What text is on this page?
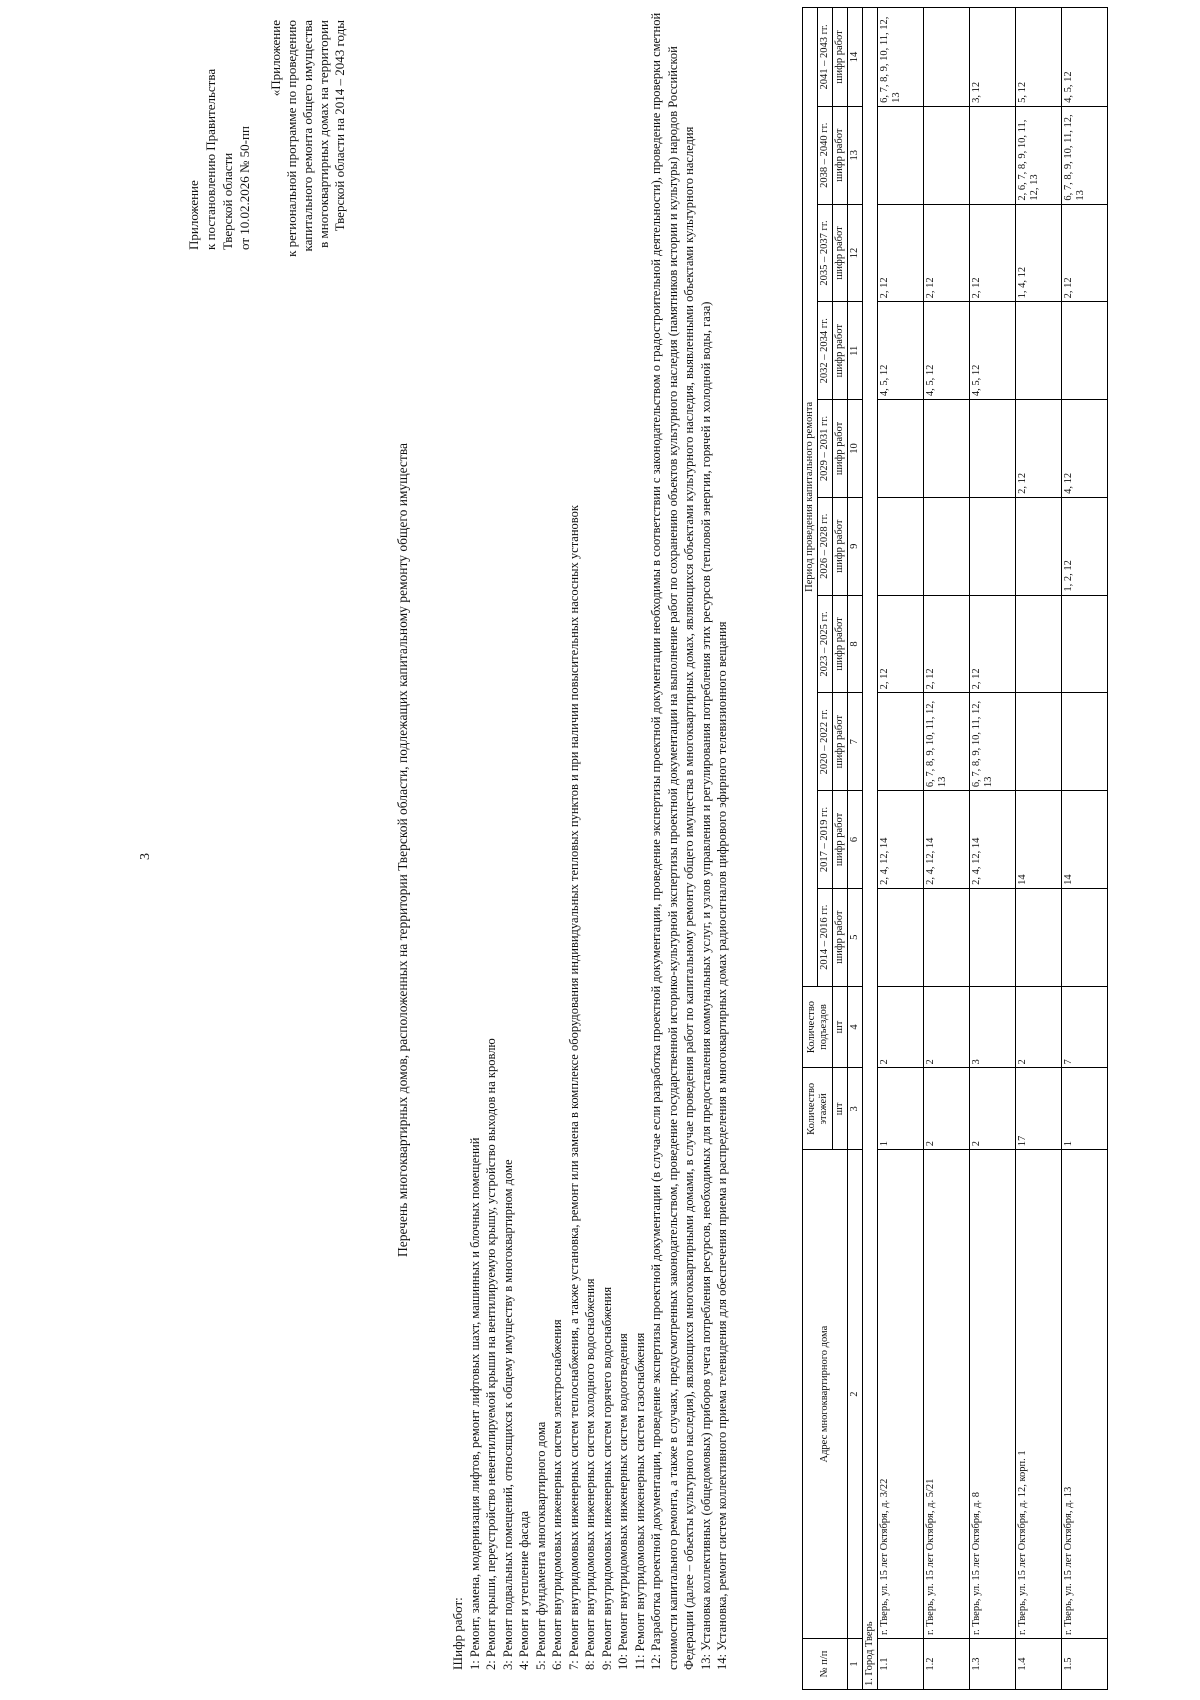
3
Приложение к постановлению Правительства Тверской области от 10.02.2026 № 50-пп
«Приложение к региональной программе по проведению капитального ремонта общего имущества в многоквартирных домах на территории Тверской области на 2014 – 2043 годы
Перечень многоквартирных домов, расположенных на территории Тверской области, подлежащих капитальному ремонту общего имущества
Шифр работ: 1: Ремонт, замена, модернизация лифтов, ремонт лифтовых шахт, машинных и блочных помещений 2: Ремонт крыши, переустройство невентилируемой крыши на вентилируемую крышу, устройство выходов на кровлю 3: Ремонт подвальных помещений, относящихся к общему имуществу в многоквартирном доме 4: Ремонт и утепление фасада 5: Ремонт фундамента многоквартирного дома 6: Ремонт внутридомовых инженерных систем электроснабжения 7: Ремонт внутридомовых инженерных систем теплоснабжения, а также установка, ремонт или замена в комплексе оборудования индивидуальных тепловых пунктов и при наличии повысительных насосных установок 8: Ремонт внутридомовых инженерных систем холодного водоснабжения 9: Ремонт внутридомовых инженерных систем горячего водоснабжения 10: Ремонт внутридомовых инженерных систем водоотведения 11: Ремонт внутридомовых инженерных систем газоснабжения 12: Разработка проектной документации, проведение экспертизы проектной документации (в случае если разработка проектной документации, проведение экспертизы проектной документации необходимы в соответствии с законодательством о градостроительной деятельности), проведение проверки сметной стоимости капитального ремонта, а также в случаях, предусмотренных законодательством, проведение государственной историко-культурной экспертизы проектной документации на выполнение работ по сохранению объектов культурного наследия (памятников истории и культуры) народов Российской Федерации (далее – объекты культурного наследия), являющихся многоквартирными домами, в случае проведения работ по капитальному ремонту общего имущества в многоквартирных домах, являющихся объектами культурного наследия, выявленными объектами культурного наследия 13: Установка коллективных (общедомовых) приборов учета потребления ресурсов, необходимых для предоставления коммунальных услуг, и узлов управления и регулирования потребления этих ресурсов (тепловой энергии, горячей и холодной воды, газа) 14: Установка, ремонт систем коллективного приема телевидения для обеспечения приема и распределения в многоквартирных домах радиосигналов цифрового эфирного телевизионного вещания	№ п/п	Адрес многоквартирного дома	Количество этажей	Количество подъездов	Период проведения капитального ремонта									
				2014 – 2016 гг.	2017 – 2019 гг.	2020 – 2022 гг.	2023 – 2025 гг.	2026 – 2028 гг.	2029 – 2031 гг.	2032 – 2034 гг.	2035 – 2037 гг.	2038 – 2040 гг.	2041 – 2043 гг.
		шт	шт	шифр работ	шифр работ	шифр работ	шифр работ	шифр работ	шифр работ	шифр работ	шифр работ	шифр работ	шифр работ
1	2	3	4	5	6	7	8	9	10	11	12	13	14
1. Город Тверь													
1.1	г. Тверь, ул. 15 лет Октября, д. 3/22	1	2		2, 4, 12, 14		2, 12			4, 5, 12	2, 12		6, 7, 8, 9, 10, 11, 12, 13
1.2	г. Тверь, ул. 15 лет Октября, д. 5/21	2	2		2, 4, 12, 14	6, 7, 8, 9, 10, 11, 12, 13	2, 12			4, 5, 12	2, 12		
1.3	г. Тверь, ул. 15 лет Октября, д. 8	2	3		2, 4, 12, 14	6, 7, 8, 9, 10, 11, 12, 13	2, 12			4, 5, 12	2, 12		3, 12
1.4	г. Тверь, ул. 15 лет Октября, д. 12, корп. 1	17	2		14				2, 12		1, 4, 12	2, 6, 7, 8, 9, 10, 11, 12, 13	5, 12
1.5	г. Тверь, ул. 15 лет Октября, д. 13	1	7		14			1, 2, 12	4, 12		2, 12	6, 7, 8, 9, 10, 11, 12, 13	4, 5, 12
